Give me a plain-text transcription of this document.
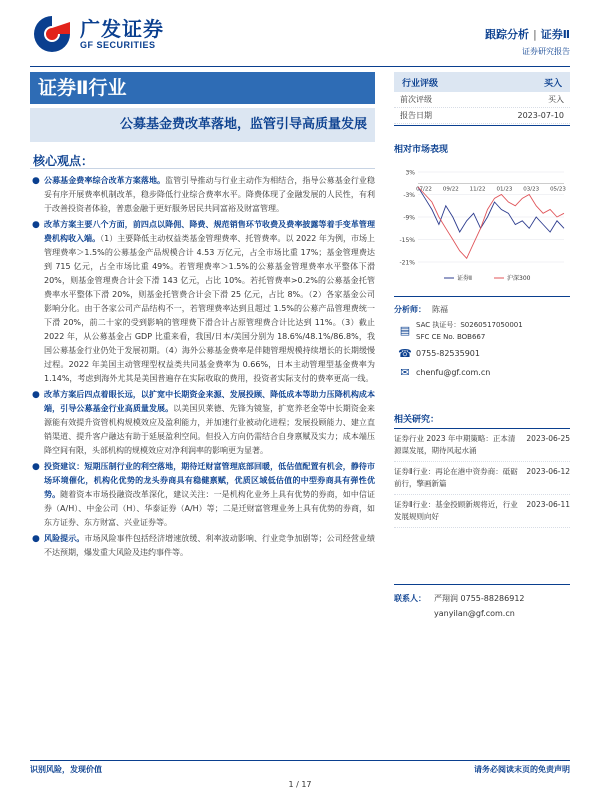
广发证券
GF SECURITIES
跟踪分析 | 证券Ⅱ
证券研究报告
证券Ⅱ行业
公募基金费改革落地，监管引导高质量发展
核心观点：
● 公募基金费率综合改革方案落地。监管引导推动与行业主动作为相结合，指导公募基金行业稳妥有序开展费率机制改革，稳步降低行业综合费率水平。降费体现了金融发展的人民性，有利于改善投资者体验，普惠金融于更好服务居民共同富裕及财富管理。
● 改革方案主要八个方面，前四点以降佣、降费、规范销售环节收费及费率披露等着手变革管理费机构收入端。（1）主要降低主动权益类基金管理费率、托管费率。以 2022 年为例，市场上管理费率＞1.5%的公募基金产品规模合计 4.53 万亿元，占全市场比重 17%；基金管理费达到 715 亿元，占全市场比重 49%。若管理费率＞1.5%的公募基金管理费率水平整体下滑 20%，则基金管理费合计会下滑 143 亿元，占比 10%。若托管费率>0.2%的公募基金托管费率水平整体下滑 20%，则基金托管费合计会下滑 25 亿元，占比 8%。（2）各家基金公司影响分化。由于各家公司产品结构不一，若管理费率达到且超过 1.5%的公募产品管理费统一下滑 20%，前二十家的受到影响的管理费下滑合计占原管理费合计比达到 11%。（3）截止 2022 年，从公募基金占 GDP 比重来看，我国/日本/美国分别为 18.6%/48.1%/86.8%，我国公募基金行业仍处于发展初期。（4）海外公募基金费率是伴随管理规模持续增长的长期缓慢过程。2022 年美国主动管理型权益类共同基金费率为 0.66%，日本主动管理型基金费率为 1.14%，考虑到海外尤其是美国普遍存在实际收取的费用，投资者实际支付的费率更高一线。
● 改革方案后四点着眼长远，以扩宽中长期资金来源、发展投顾、降低成本等助力压降机构成本端，引导公募基金行业高质量发展。以美国贝莱德、先锋为镜鉴，扩宽养老金等中长期资金来源能有效提升资管机构规模效应及盈利能力，并加速行业被动化进程；发展投顾能力、建立直销渠道、提升客户融达有助于延展盈利空间。但投入方向仍需结合自身禀赋及实力；成本端压降空间有限，头部机构的规模效应对净利润率的影响更为显著。
● 投资建议：短期压制行业的利空落地，期待迁财富管理底部回暖，低估值配置有机会，静待市场环境催化，机构化优势的龙头券商具有稳健禀赋，优质区域低估值的中型券商具有弹性优势。随着资本市场投融资改革深化，建议关注：一是机构化业务上具有优势的券商，如中信证券（A/H）、中金公司（H）、华泰证券（A/H）等；二是迁财富管理业务上具有优势的券商，如东方证券、东方财富、兴业证券等。
● 风险提示。市场风险事件包括经济增速放缓、利率波动影响、行业竞争加剧等；公司经营业绩不达预期，爆发重大风险及违约事件等。
行业评级	买入
前次评级	买入
报告日期	2023-07-10
相对市场表现
3%
-3%
-9%
-15%
-21%
07/22 09/22 11/22 01/23 03/23 05/23
证券Ⅱ	沪深300
分析师： 陈福
▤ SAC 执证号：S0260517050001
SFC CE No. BOB667
☎ 0755-82535901
✉ chenfu@gf.com.cn
相关研究：
证券行业 2023 年中期策略：正本清源谋发展，期待风起水涌
2023-06-25
证券Ⅱ行业：再论在港中资券商：砥砺前行，擎画新篇
2023-06-12
证券Ⅱ行业：基金投顾新规将近，行业发展规则向好
2023-06-11
联系人：	严翔润 0755-88286912
yanyilan@gf.com.cn
识别风险，发现价值	请务必阅读末页的免责声明
1 / 17
